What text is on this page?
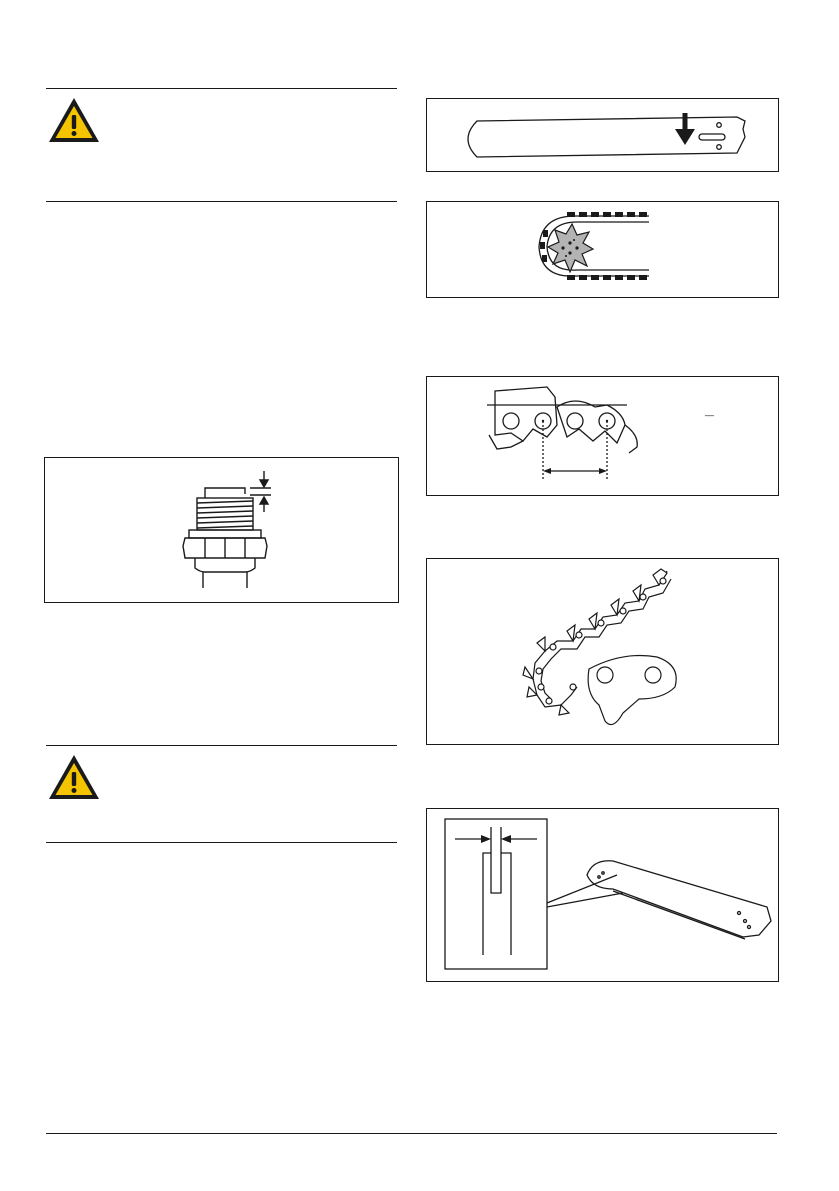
_
